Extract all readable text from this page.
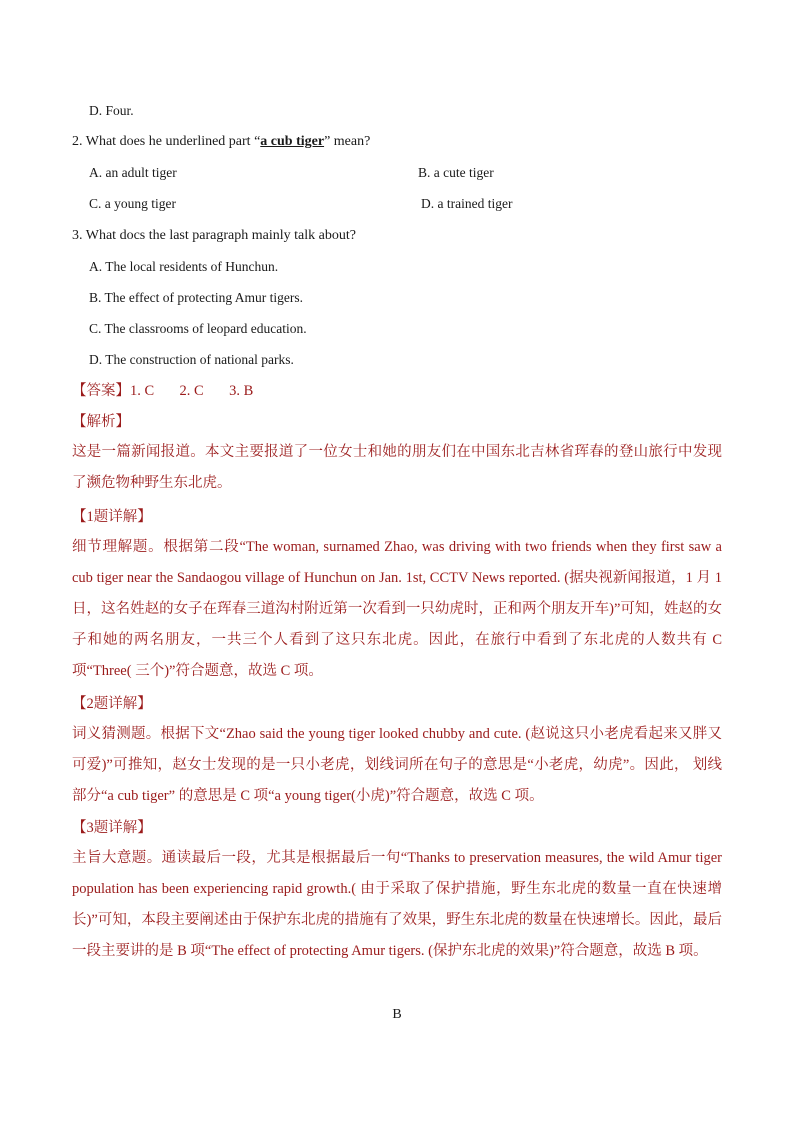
D. Four.
2. What does he underlined part “a cub tiger” mean?
A. an adult tiger	B. a cute tiger
C. a young tiger	D. a trained tiger
3. What docs the last paragraph mainly talk about?
A. The local residents of Hunchun.
B. The effect of protecting Amur tigers.
C. The classrooms of leopard education.
D. The construction of national parks.
【答案】1. C       2. C       3. B
【解析】
这是一篇新闻报道。本文主要报道了一位女士和她的朋友们在中国东北吉林省珲春的登山旅行中发现了濒危物种野生东北虎。
【1题详解】
细节理解题。根据第二段“The woman, surnamed Zhao, was driving with two friends when they first saw a cub tiger near the Sandaogou village of Hunchun on Jan. 1st, CCTV News reported. (据央视新闻报道，1 月 1 日，这名姓赵的女子在珲春三道沟村附近第一次看到一只幼虎时，正和两个朋友开车)”可知，姓赵的女子和她的两名朋友，一共三个人看到了这只东北虎。因此，在旅行中看到了东北虎的人数共有 C 项“Three( 三个)”符合题意，故选 C 项。
【2题详解】
词义猜测题。根据下文“Zhao said the young tiger looked chubby and cute. (赵说这只小老虎看起来又胖又可爱)”可推知，赵女士发现的是一只小老虎，划线词所在句子的意思是“小老虎，幼虎”。因此， 划线部分“a cub tiger” 的意思是 C 项“a young tiger(小虎)”符合题意，故选 C 项。
【3题详解】
主旨大意题。通读最后一段，尤其是根据最后一句“Thanks to preservation measures, the wild Amur tiger population has been experiencing rapid growth.( 由于采取了保护措施，野生东北虎的数量一直在快速增长)”可知，本段主要阐述由于保护东北虎的措施有了效果，野生东北虎的数量在快速增长。因此，最后一段主要讲的是 B 项“The effect of protecting Amur tigers. (保护东北虎的效果)”符合题意，故选 B 项。
B
